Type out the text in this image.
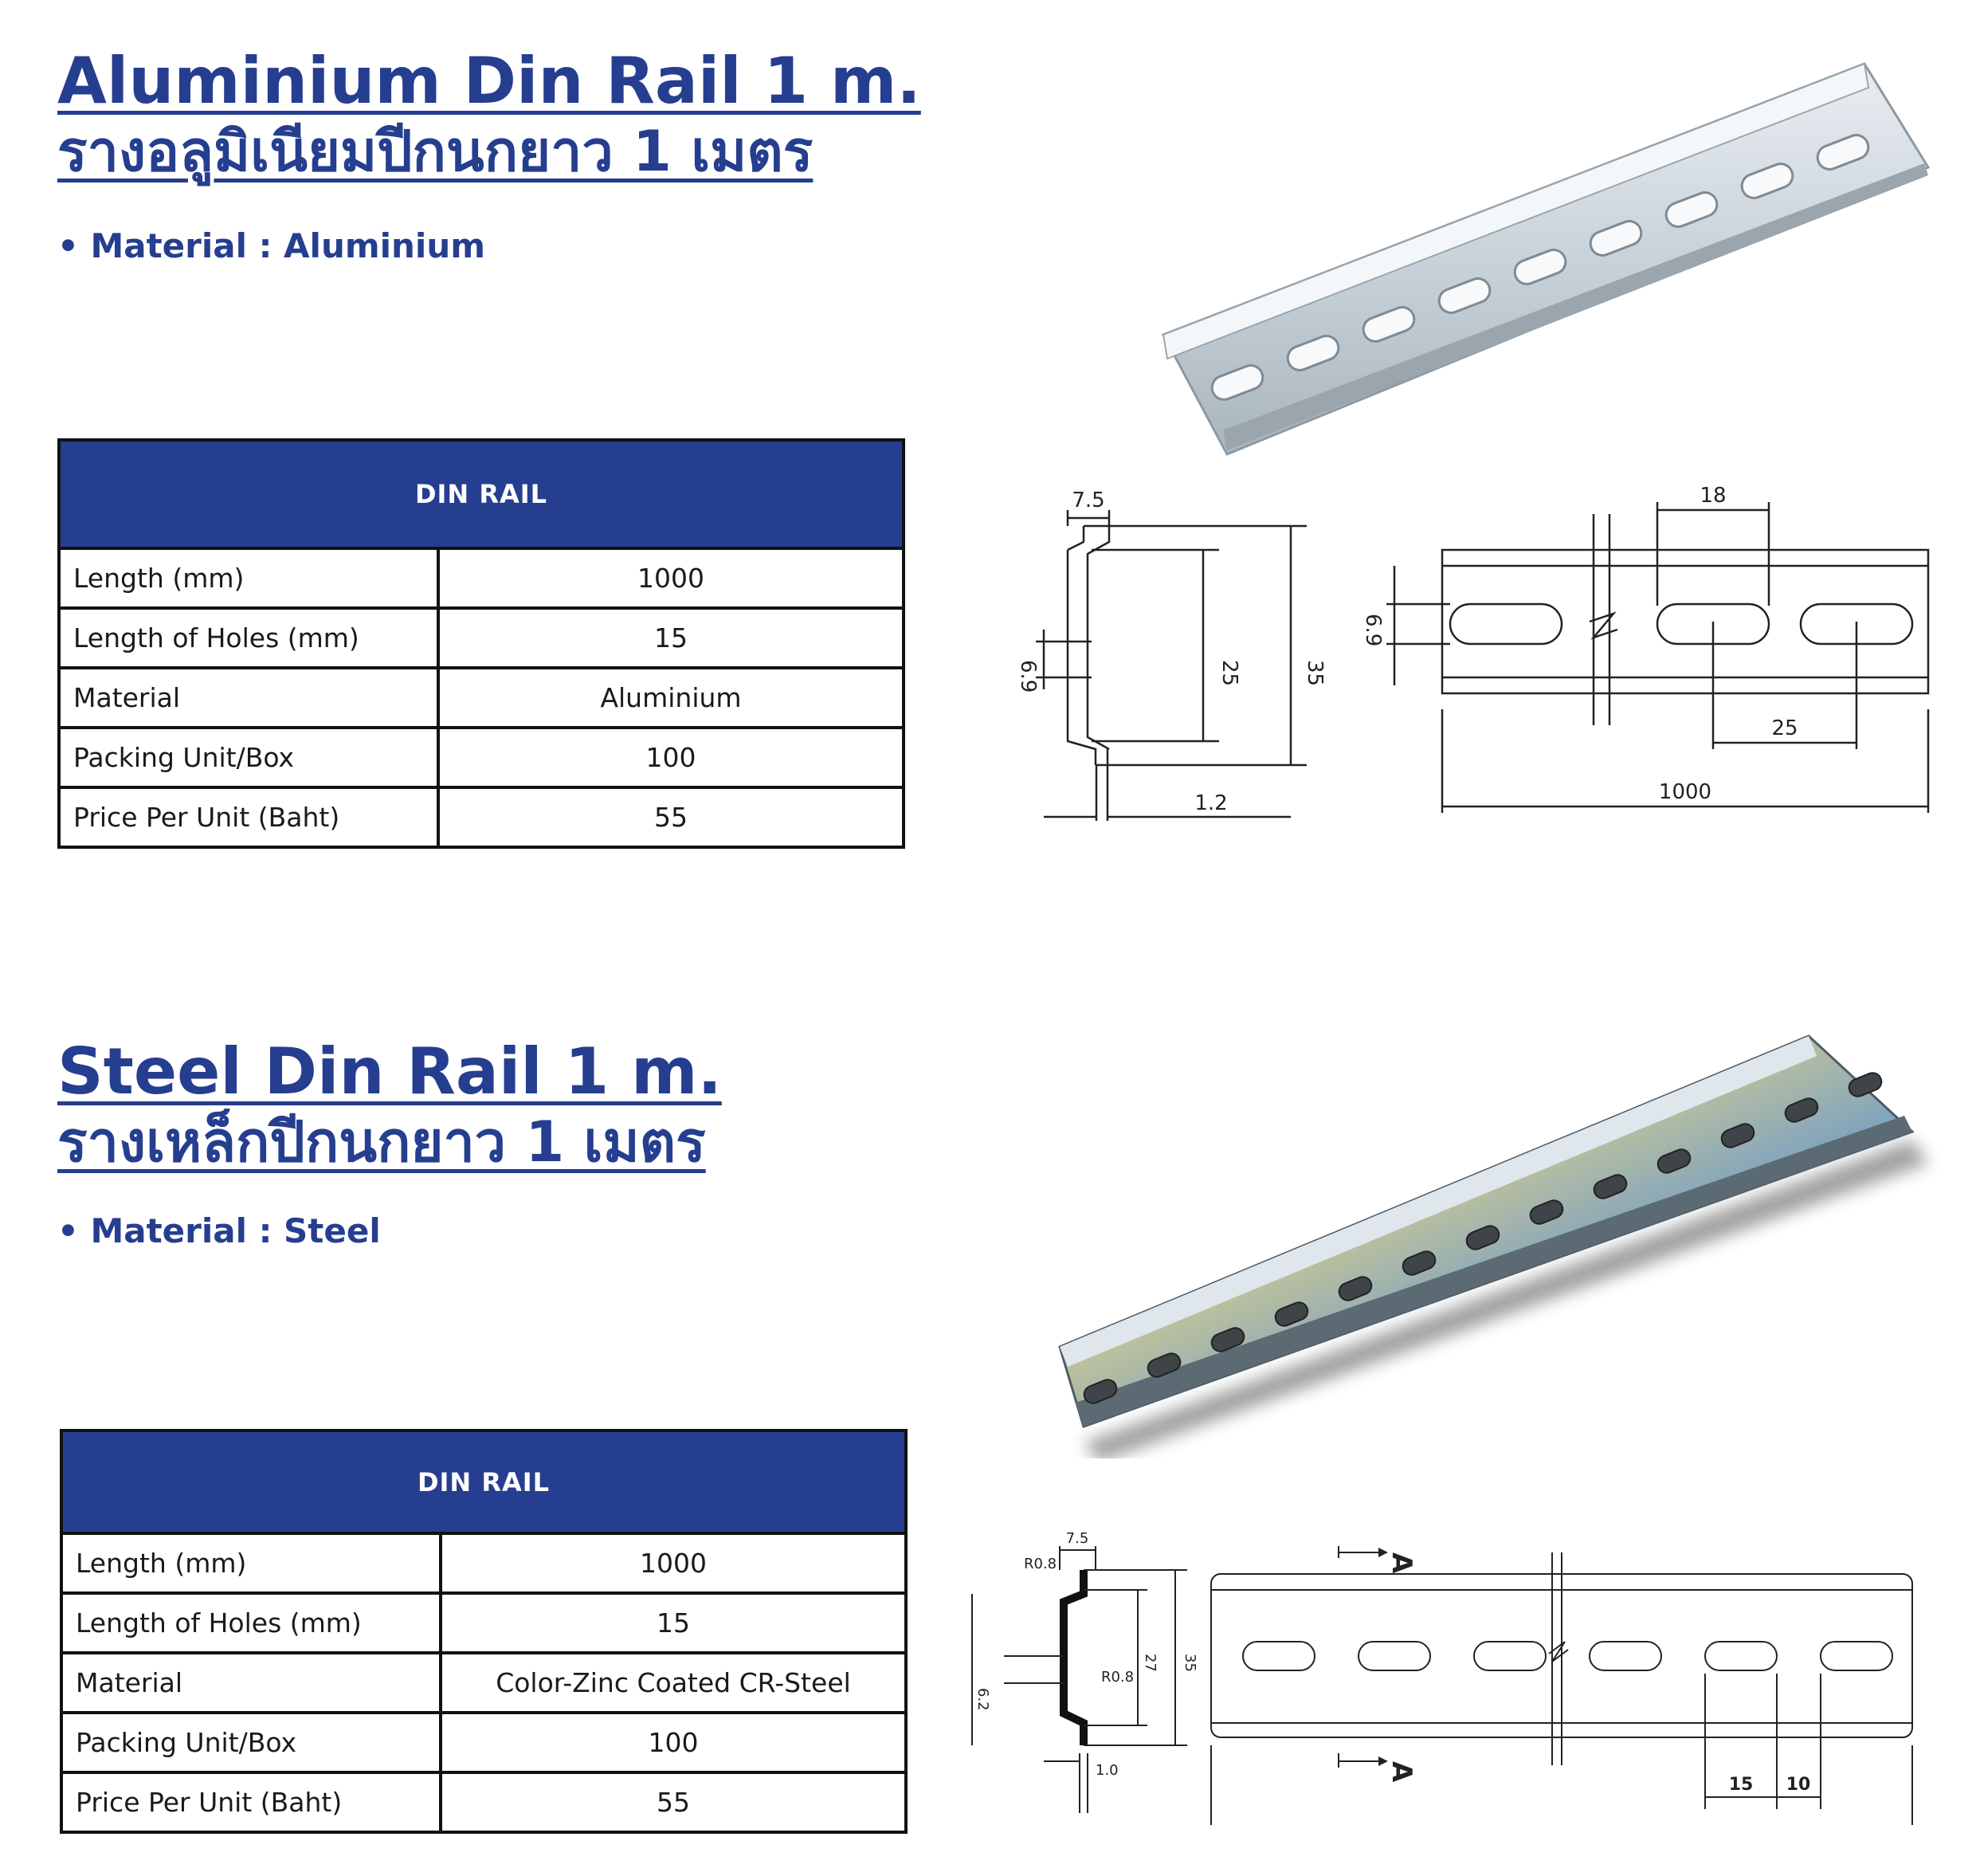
Aluminium Din Rail 1 m.
รางอลูมิเนียมปีกนกยาว 1 เมตร

• Material : Aluminium

DIN RAIL	
Length (mm)	1000
Length of Holes (mm)	15
Material	Aluminium
Packing Unit/Box	100
Price Per Unit (Baht)	55
7.5
25	35
6.9
1.2
18
25
6.9
1000
Steel Din Rail 1 m.
รางเหล็กปีกนกยาว 1 เมตร

• Material : Steel

DIN RAIL	
Length (mm)	1000
Length of Holes (mm)	15
Material	Color-Zinc Coated CR-Steel
Packing Unit/Box	100
Price Per Unit (Baht)	55
7.5
R0.8
R0.8
27 35
6.2
1.0
A
A
15 10
